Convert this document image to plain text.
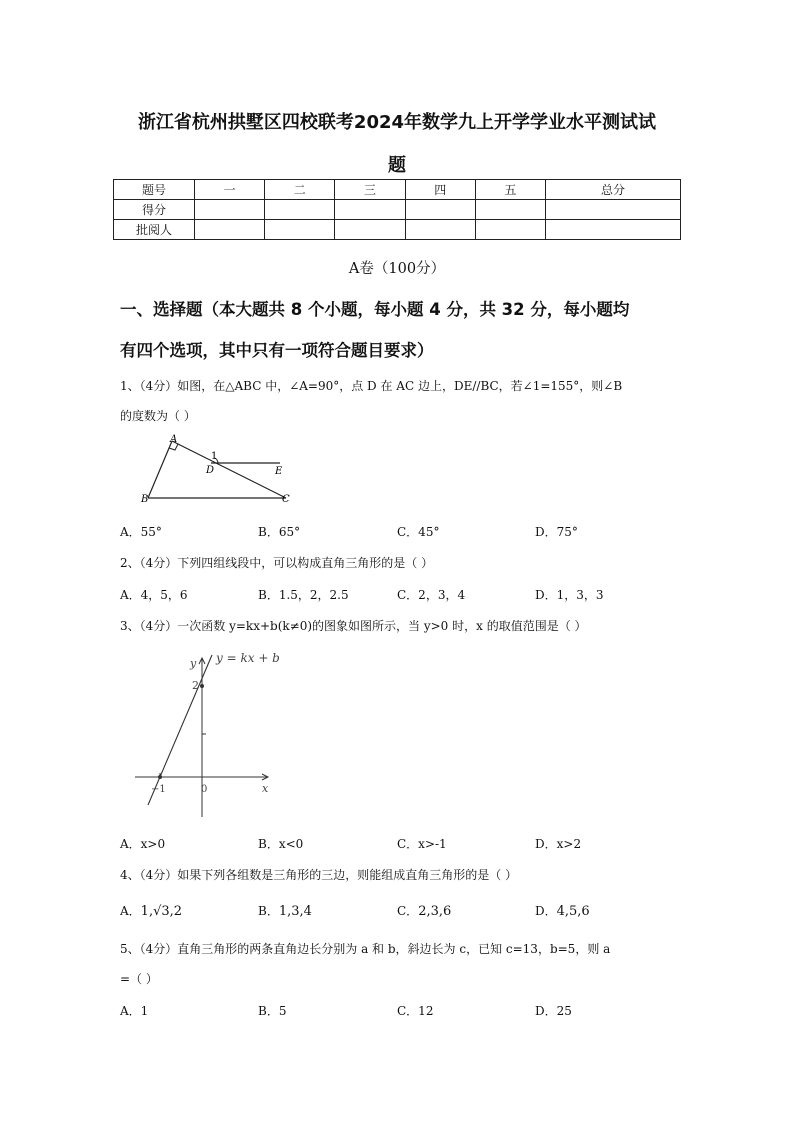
浙江省杭州拱墅区四校联考2024年数学九上开学学业水平测试试
题
题号	一	二	三	四	五	总分
得分						
批阅人						
A卷（100分）
一、选择题（本大题共 8 个小题，每小题 4 分，共 32 分，每小题均
有四个选项，其中只有一项符合题目要求）
1、（4分）如图，在△ABC 中，∠A=90°，点 D 在 AC 边上，DE//BC，若∠1=155°，则∠B
的度数为（ ）
A
1
D	E
B	C
A．55°	B．65°	C．45°	D．75°
2、（4分）下列四组线段中，可以构成直角三角形的是（ ）
A．4，5，6	B．1.5，2，2.5	C．2，3，4	D．1，3，3
3、（4分）一次函数 y=kx+b(k≠0)的图象如图所示，当 y>0 时，x 的取值范围是（ ）
y y = kx + b
2
−1	0	x
A．x>0	B．x<0	C．x>-1	D．x>2
4、（4分）如果下列各组数是三角形的三边，则能组成直角三角形的是（ ）
A．1,√3,2	B．1,3,4	C．2,3,6	D．4,5,6
5、（4分）直角三角形的两条直角边长分别为 a 和 b，斜边长为 c，已知 c=13，b=5，则 a
=（ ）
A．1	B．5	C．12	D．25
